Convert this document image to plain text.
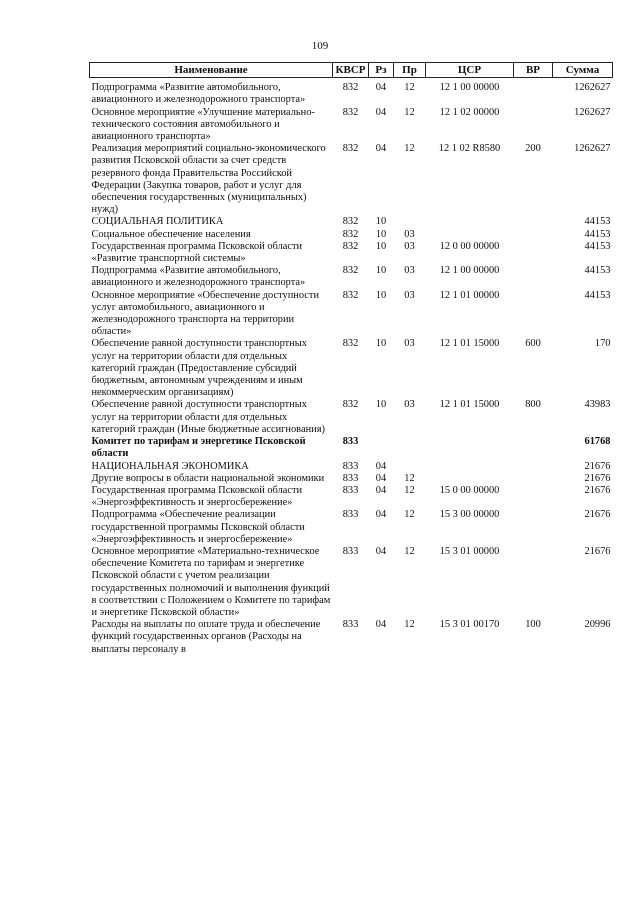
109
Наименование	КВСР	Рз	Пр	ЦСР	ВР	Сумма
Подпрограмма «Развитие автомобильного, авиационного и железнодорожного транспорта»	832	04	12	12 1 00 00000		1262627
Основное мероприятие «Улучшение материально-технического состояния автомобильного и авиационного транспорта»	832	04	12	12 1 02 00000		1262627
Реализация мероприятий социально-экономического развития Псковской области за счет средств резервного фонда Правительства Российской Федерации (Закупка товаров, работ и услуг для обеспечения государственных (муниципальных) нужд)	832	04	12	12 1 02 R8580	200	1262627
СОЦИАЛЬНАЯ ПОЛИТИКА	832	10				44153
Социальное обеспечение населения	832	10	03			44153
Государственная программа Псковской области «Развитие транспортной системы»	832	10	03	12 0 00 00000		44153
Подпрограмма «Развитие автомобильного, авиационного и железнодорожного транспорта»	832	10	03	12 1 00 00000		44153
Основное мероприятие «Обеспечение доступности услуг автомобильного, авиационного и железнодорожного транспорта на территории области»	832	10	03	12 1 01 00000		44153
Обеспечение равной доступности транспортных услуг на территории области для отдельных категорий граждан (Предоставление субсидий бюджетным, автономным учреждениям и иным некоммерческим организациям)	832	10	03	12 1 01 15000	600	170
Обеспечение равной доступности транспортных услуг на территории области для отдельных категорий граждан (Иные бюджетные ассигнования)	832	10	03	12 1 01 15000	800	43983
Комитет по тарифам и энергетике Псковской области	833					61768
НАЦИОНАЛЬНАЯ ЭКОНОМИКА	833	04				21676
Другие вопросы в области национальной экономики	833	04	12			21676
Государственная программа Псковской области «Энергоэффективность и энергосбережение»	833	04	12	15 0 00 00000		21676
Подпрограмма «Обеспечение реализации государственной программы Псковской области «Энергоэффективность и энергосбережение»	833	04	12	15 3 00 00000		21676
Основное мероприятие «Материально-техническое обеспечение Комитета по тарифам и энергетике Псковской области с учетом реализации государственных полномочий и выполнения функций в соответствии с Положением о Комитете по тарифам и энергетике Псковской области»	833	04	12	15 3 01 00000		21676
Расходы на выплаты по оплате труда и обеспечение функций государственных органов (Расходы на выплаты персоналу в	833	04	12	15 3 01 00170	100	20996
